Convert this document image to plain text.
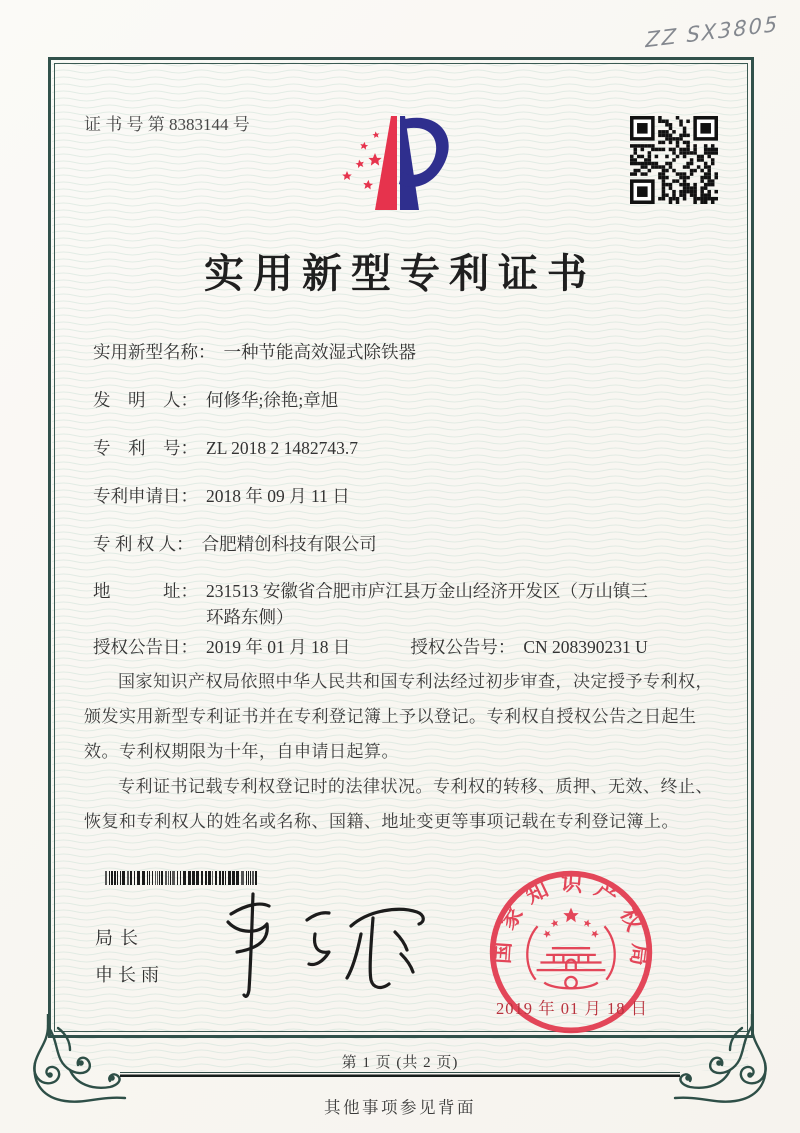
ZZ SX3805
证 书 号 第 8383144 号
实用新型专利证书
实用新型名称： 一种节能高效湿式除铁器
发　明　人： 何修华;徐艳;章旭
专　利　号： ZL 2018 2 1482743.7
专利申请日： 2018 年 09 月 11 日
专 利 权 人： 合肥精创科技有限公司
地　　　址： 231513 安徽省合肥市庐江县万金山经济开发区（万山镇三环路东侧）
授权公告日： 2019 年 01 月 18 日	授权公告号： CN 208390231 U

国家知识产权局依照中华人民共和国专利法经过初步审查，决定授予专利权，颁发实用新型专利证书并在专利登记簿上予以登记。专利权自授权公告之日起生效。专利权期限为十年，自申请日起算。

专利证书记载专利权登记时的法律状况。专利权的转移、质押、无效、终止、恢复和专利权人的姓名或名称、国籍、地址变更等事项记载在专利登记簿上。

局长
申长雨
国家知识产权局
2019 年 01 月 18 日
第 1 页 (共 2 页)
其他事项参见背面
